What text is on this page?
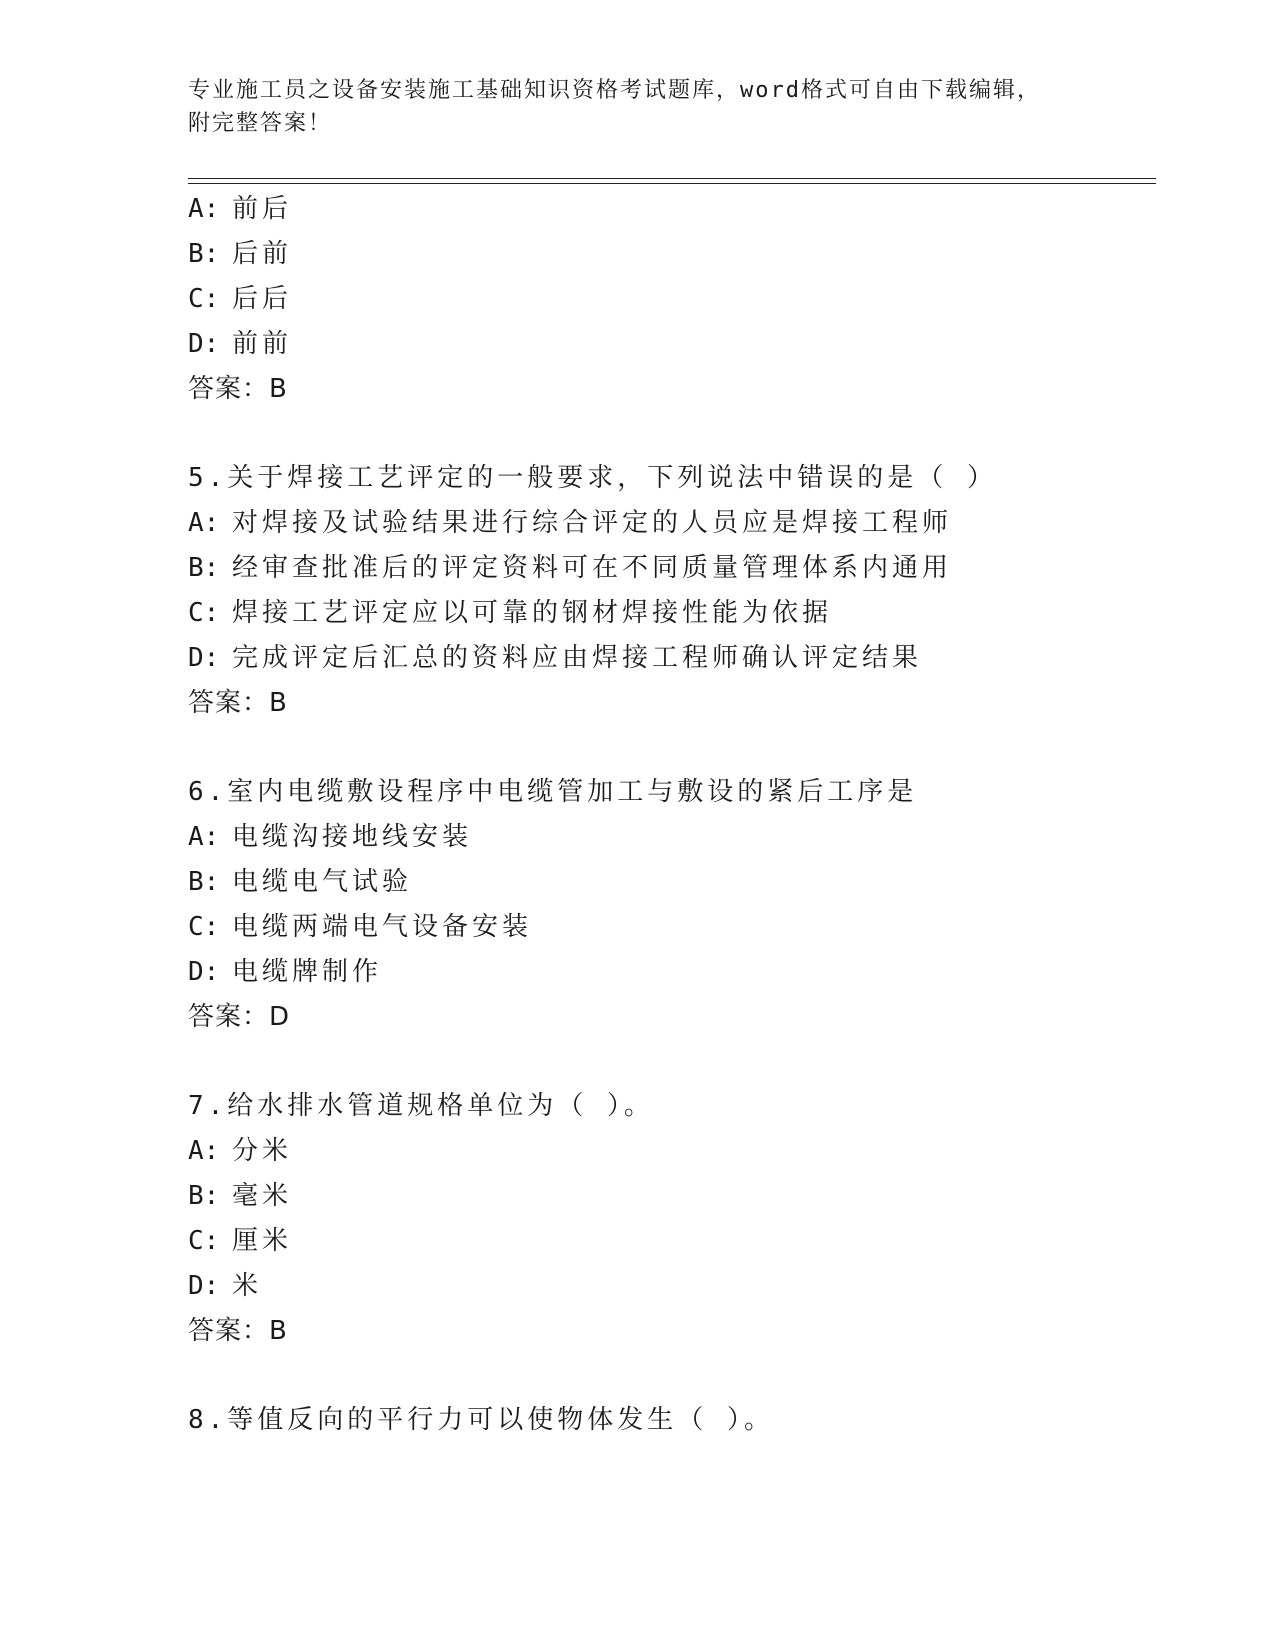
专业施工员之设备安装施工基础知识资格考试题库，word格式可自由下载编辑，
附完整答案！
A: 前后
B: 后前
C: 后后
D: 前前
答案：B
5.关于焊接工艺评定的一般要求，下列说法中错误的是（ ）
A: 对焊接及试验结果进行综合评定的人员应是焊接工程师
B: 经审查批准后的评定资料可在不同质量管理体系内通用
C: 焊接工艺评定应以可靠的钢材焊接性能为依据
D: 完成评定后汇总的资料应由焊接工程师确认评定结果
答案：B
6.室内电缆敷设程序中电缆管加工与敷设的紧后工序是
A: 电缆沟接地线安装
B: 电缆电气试验
C: 电缆两端电气设备安装
D: 电缆牌制作
答案：D
7.给水排水管道规格单位为（ ）。
A: 分米
B: 毫米
C: 厘米
D: 米
答案：B
8.等值反向的平行力可以使物体发生（ ）。
